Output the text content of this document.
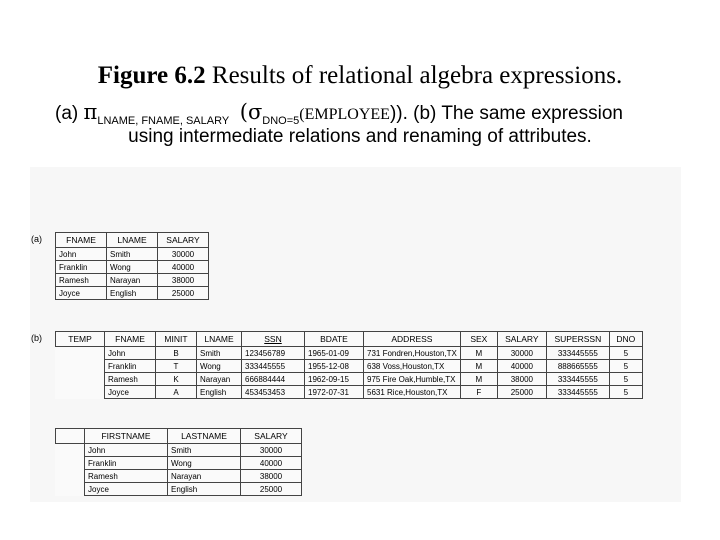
Figure 6.2 Results of relational algebra expressions.
(a) $\pi_{LNAME, FNAME, SALARY}$ $(\sigma_{DNO=5}(EMPLOYEE))$. (b) The same expression
using intermediate relations and renaming of attributes.
(a)	FNAME	LNAME	SALARY
John	Smith	30000
Franklin	Wong	40000
Ramesh	Narayan	38000
Joyce	English	25000
(b)	TEMP	FNAME	MINIT	LNAME	SSN	BDATE	ADDRESS	SEX	SALARY	SUPERSSN	DNO
	John	B	Smith	123456789	1965-01-09	731 Fondren,Houston,TX	M	30000	333445555	5
	Franklin	T	Wong	333445555	1955-12-08	638 Voss,Houston,TX	M	40000	888665555	5
	Ramesh	K	Narayan	666884444	1962-09-15	975 Fire Oak,Humble,TX	M	38000	333445555	5
	Joyce	A	English	453453453	1972-07-31	5631 Rice,Houston,TX	F	25000	333445555	5
	FIRSTNAME	LASTNAME	SALARY
	John	Smith	30000
	Franklin	Wong	40000
	Ramesh	Narayan	38000
	Joyce	English	25000
